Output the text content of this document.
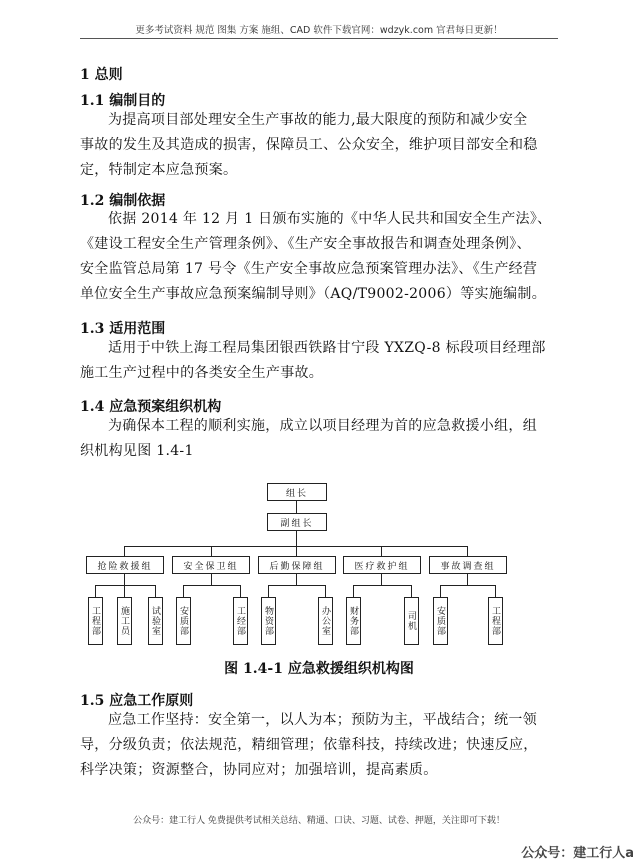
更多考试资料 规范 图集 方案 施组、CAD 软件下载官网：wdzyk.com 官君每日更新！
1 总则
1.1 编制目的
为提高项目部处理安全生产事故的能力,最大限度的预防和减少安全
事故的发生及其造成的损害，保障员工、公众安全，维护项目部安全和稳
定，特制定本应急预案。
1.2 编制依据
依据 2014 年 12 月 1 日颁布实施的《中华人民共和国安全生产法》、
《建设工程安全生产管理条例》、《生产安全事故报告和调查处理条例》、
安全监管总局第 17 号令《生产安全事故应急预案管理办法》、《生产经营
单位安全生产事故应急预案编制导则》（AQ/T9002-2006）等实施编制。
1.3 适用范围
适用于中铁上海工程局集团银西铁路甘宁段 YXZQ-8 标段项目经理部
施工生产过程中的各类安全生产事故。
1.4 应急预案组织机构
为确保本工程的顺利实施，成立以项目经理为首的应急救援小组，组
织机构见图 1.4-1
组长
副组长
抢险救援组	安全保卫组	后勤保障组	医疗救护组	事故调查组
工程部	施工员	试验室	安质部	工经部	物资部	办公室	财务部	司机	安质部	工程部
图 1.4-1 应急救援组织机构图
1.5 应急工作原则
应急工作坚持：安全第一，以人为本；预防为主，平战结合；统一领
导，分级负责；依法规范，精细管理；依靠科技，持续改进；快速反应，
科学决策；资源整合，协同应对；加强培训，提高素质。
公众号：建工行人 免费提供考试相关总结、精通、口诀、习题、试卷、押题，关注即可下载！
公众号：建工行人a
